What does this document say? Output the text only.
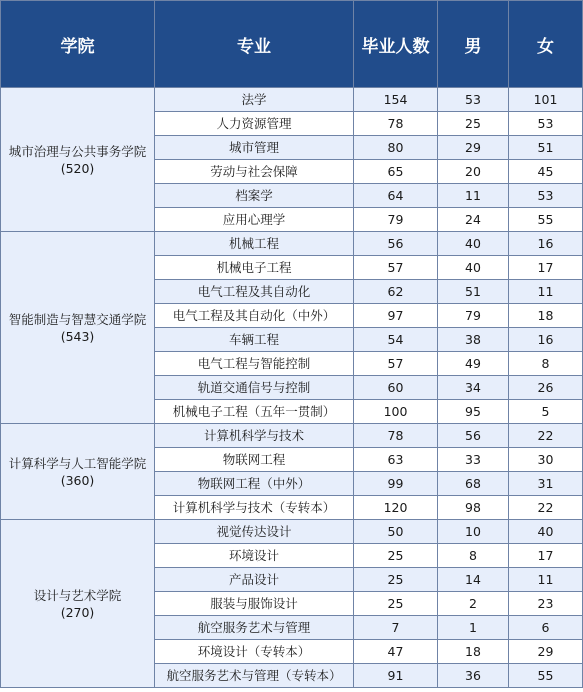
学院	专业	毕业人数	男	女

城市治理与公共事务学院
(520)	法学	154	53	101
	人力资源管理	78	25	53
	城市管理	80	29	51
	劳动与社会保障	65	20	45
	档案学	64	11	53
	应用心理学	79	24	55

智能制造与智慧交通学院
(543)	机械工程	56	40	16
	机械电子工程	57	40	17
	电气工程及其自动化	62	51	11
	电气工程及其自动化（中外）	97	79	18
	车辆工程	54	38	16
	电气工程与智能控制	57	49	8
	轨道交通信号与控制	60	34	26
	机械电子工程（五年一贯制）	100	95	5

计算科学与人工智能学院
(360)	计算机科学与技术	78	56	22
	物联网工程	63	33	30
	物联网工程（中外）	99	68	31
	计算机科学与技术（专转本）	120	98	22

设计与艺术学院
(270)	视觉传达设计	50	10	40
	环境设计	25	8	17
	产品设计	25	14	11
	服装与服饰设计	25	2	23
	航空服务艺术与管理	7	1	6
	环境设计（专转本）	47	18	29
	航空服务艺术与管理（专转本）	91	36	55
